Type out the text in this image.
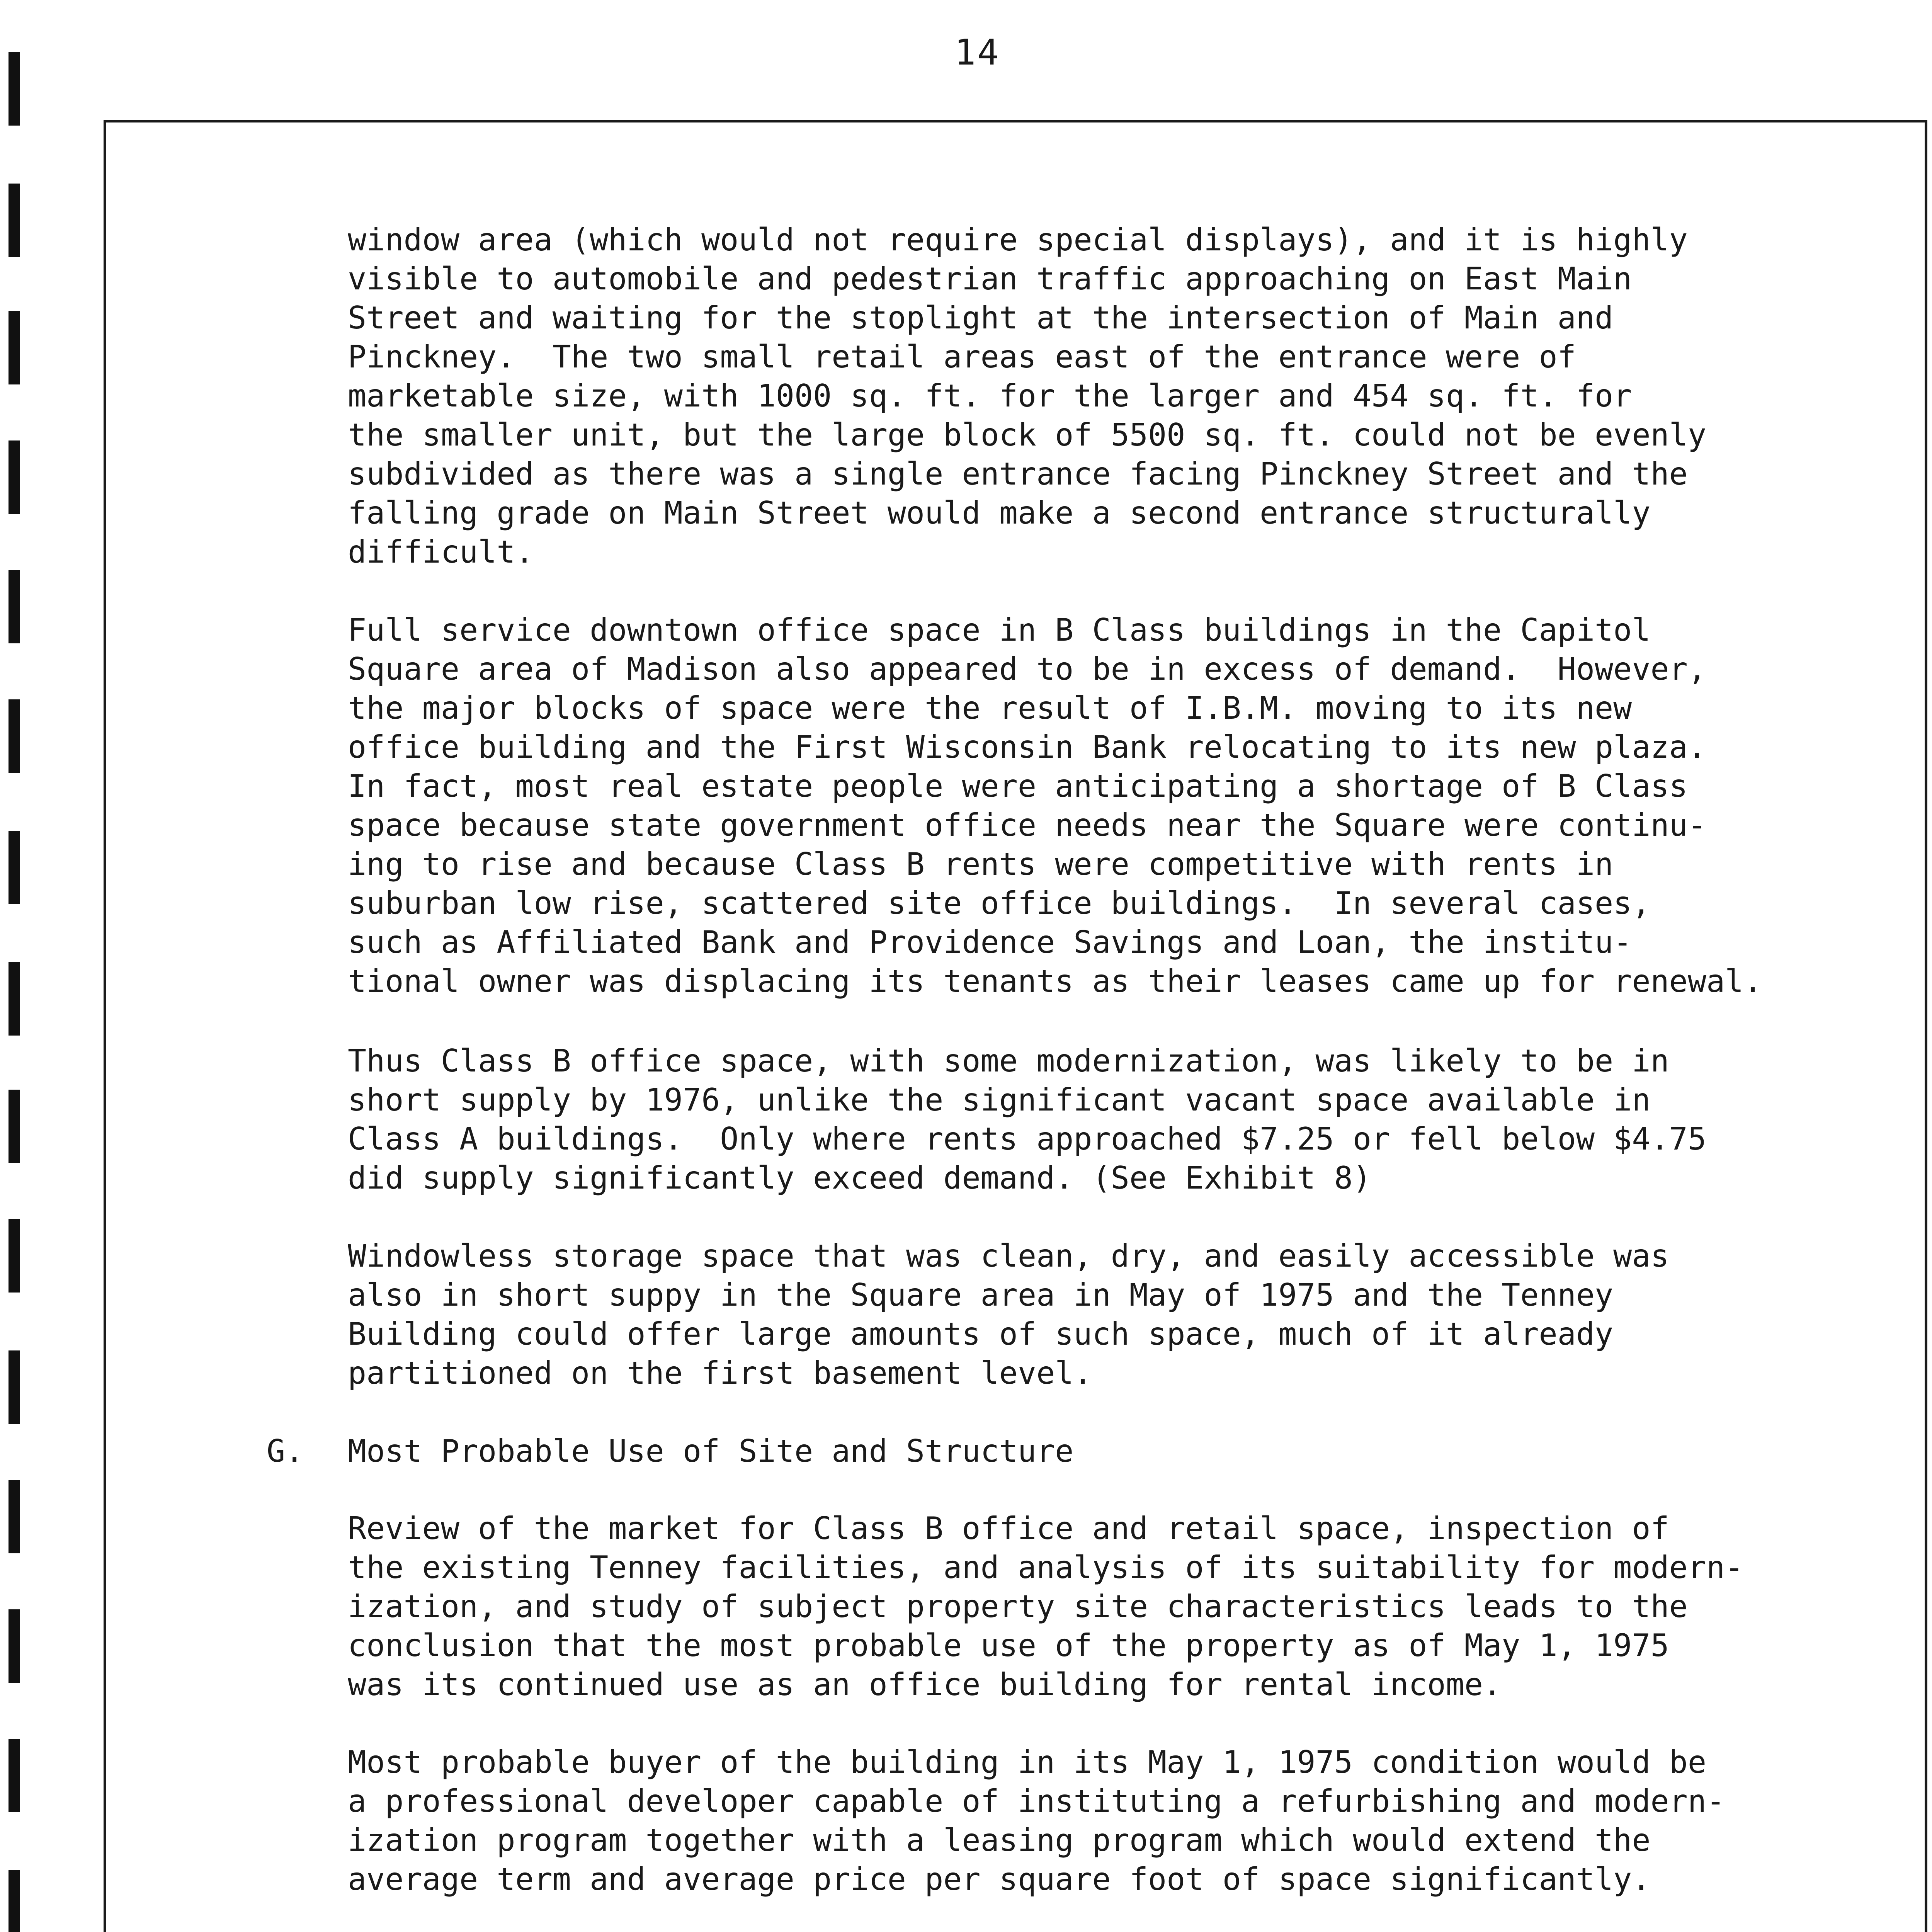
14

window area (which would not require special displays), and it is highly
visible to automobile and pedestrian traffic approaching on East Main
Street and waiting for the stoplight at the intersection of Main and
Pinckney.  The two small retail areas east of the entrance were of
marketable size, with 1000 sq. ft. for the larger and 454 sq. ft. for
the smaller unit, but the large block of 5500 sq. ft. could not be evenly
subdivided as there was a single entrance facing Pinckney Street and the
falling grade on Main Street would make a second entrance structurally
difficult.

Full service downtown office space in B Class buildings in the Capitol
Square area of Madison also appeared to be in excess of demand.  However,
the major blocks of space were the result of I.B.M. moving to its new
office building and the First Wisconsin Bank relocating to its new plaza.
In fact, most real estate people were anticipating a shortage of B Class
space because state government office needs near the Square were continu-
ing to rise and because Class B rents were competitive with rents in
suburban low rise, scattered site office buildings.  In several cases,
such as Affiliated Bank and Providence Savings and Loan, the institu-
tional owner was displacing its tenants as their leases came up for renewal.

Thus Class B office space, with some modernization, was likely to be in
short supply by 1976, unlike the significant vacant space available in
Class A buildings.  Only where rents approached $7.25 or fell below $4.75
did supply significantly exceed demand. (See Exhibit 8)

Windowless storage space that was clean, dry, and easily accessible was
also in short suppy in the Square area in May of 1975 and the Tenney
Building could offer large amounts of such space, much of it already
partitioned on the first basement level.

G. Most Probable Use of Site and Structure

Review of the market for Class B office and retail space, inspection of
the existing Tenney facilities, and analysis of its suitability for modern-
ization, and study of subject property site characteristics leads to the
conclusion that the most probable use of the property as of May 1, 1975
was its continued use as an office building for rental income.

Most probable buyer of the building in its May 1, 1975 condition would be
a professional developer capable of instituting a refurbishing and modern-
ization program together with a leasing program which would extend the
average term and average price per square foot of space significantly.
